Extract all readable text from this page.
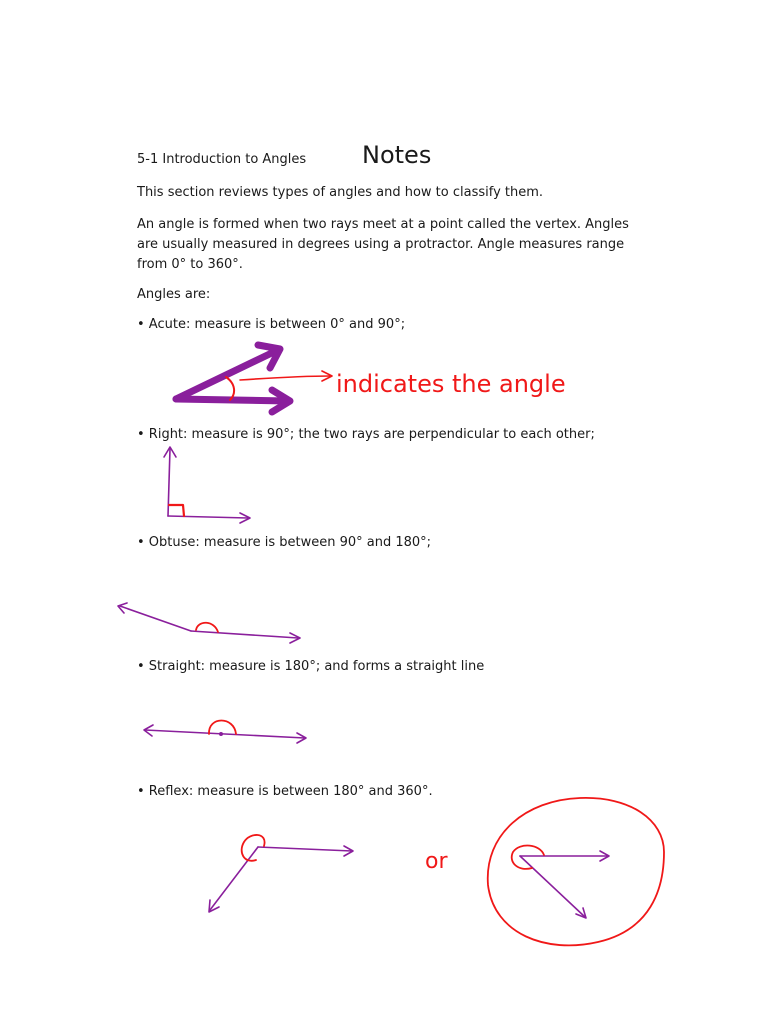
5-1 Introduction to Angles Notes
This section reviews types of angles and how to classify them.
An angle is formed when two rays meet at a point called the vertex. Angles
are usually measured in degrees using a protractor. Angle measures range
from 0° to 360°.
Angles are:
• Acute: measure is between 0° and 90°;
• Right: measure is 90°; the two rays are perpendicular to each other;
• Obtuse: measure is between 90° and 180°;
• Straight: measure is 180°; and forms a straight line
• Reflex: measure is between 180° and 360°.
indicates the angle
or
